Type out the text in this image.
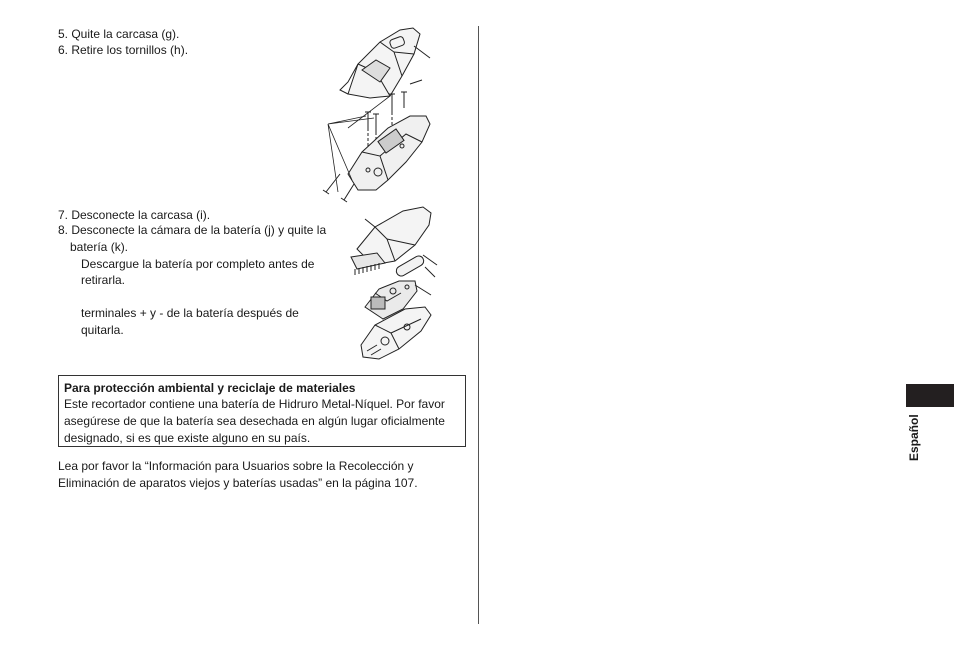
5. Quite la carcasa (g).
6. Retire los tornillos (h).
7. Desconecte la carcasa (i).
8. Desconecte la cámara de la batería (j) y quite la
batería (k).
Descargue la batería por completo antes de
retirarla.
terminales + y - de la batería después de
quitarla.
Para protección ambiental y reciclaje de materiales
Este recortador contiene una batería de Hidruro Metal-Níquel. Por favor
asegúrese de que la batería sea desechada en algún lugar oficialmente
designado, si es que existe alguno en su país.
Lea por favor la “Información para Usuarios sobre la Recolección y
Eliminación de aparatos viejos y baterías usadas” en la página 107.
Español
